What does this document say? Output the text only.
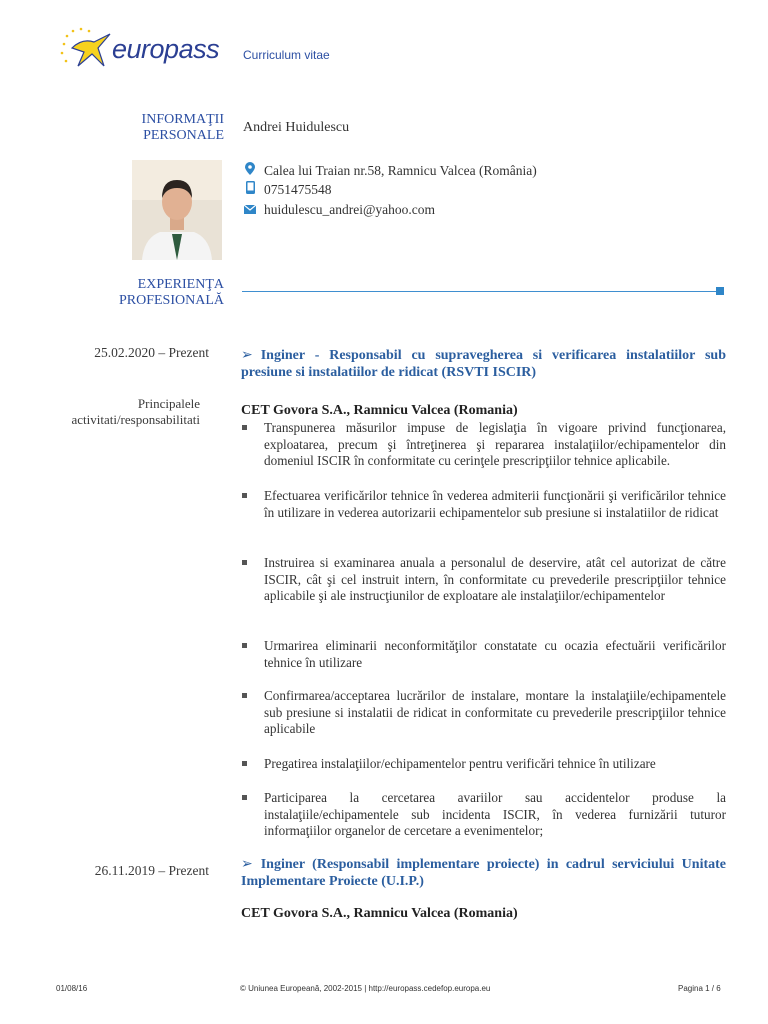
europass Curriculum vitae
INFORMAŢII
PERSONALE
Andrei Huidulescu
Calea lui Traian nr.58, Ramnicu Valcea (România)
0751475548
huidulescu_andrei@yahoo.com
EXPERIENŢA
PROFESIONALĂ
25.02.2020 – Prezent ➢ Inginer - Responsabil cu supravegherea si verificarea instalatiilor sub presiune si instalatiilor de ridicat (RSVTI ISCIR)
Principalele
activitati/responsabilitati
CET Govora S.A., Ramnicu Valcea (Romania)
Transpunerea măsurilor impuse de legislaţia în vigoare privind funcţionarea, exploatarea, precum şi întreţinerea şi repararea instalaţiilor/echipamentelor din domeniul ISCIR în conformitate cu cerinţele prescripţiilor tehnice aplicabile.
Efectuarea verificărilor tehnice în vederea admiterii funcţionării şi verificărilor tehnice în utilizare in vederea autorizarii echipamentelor sub presiune si instalatiilor de ridicat
Instruirea si examinarea anuala a personalul de deservire, atât cel autorizat de către ISCIR, cât şi cel instruit intern, în conformitate cu prevederile prescripţiilor tehnice aplicabile şi ale instrucţiunilor de exploatare ale instalaţiilor/echipamentelor
Urmarirea eliminarii neconformităţilor constatate cu ocazia efectuării verificărilor tehnice în utilizare
Confirmarea/acceptarea lucrărilor de instalare, montare la instalaţiile/echipamentele sub presiune si instalatii de ridicat in conformitate cu prevederile prescripţiilor tehnice aplicabile
Pregatirea instalaţiilor/echipamentelor pentru verificări tehnice în utilizare
Participarea la cercetarea avariilor sau accidentelor produse la instalaţiile/echipamentele sub incidenta ISCIR, în vederea furnizării tuturor informaţiilor organelor de cercetare a evenimentelor;
26.11.2019 – Prezent ➢ Inginer (Responsabil implementare proiecte) in cadrul serviciului Unitate Implementare Proiecte (U.I.P.)
CET Govora S.A., Ramnicu Valcea (Romania)
01/08/16	© Uniunea Europeană, 2002-2015 | http://europass.cedefop.europa.eu	Pagina 1 / 6
